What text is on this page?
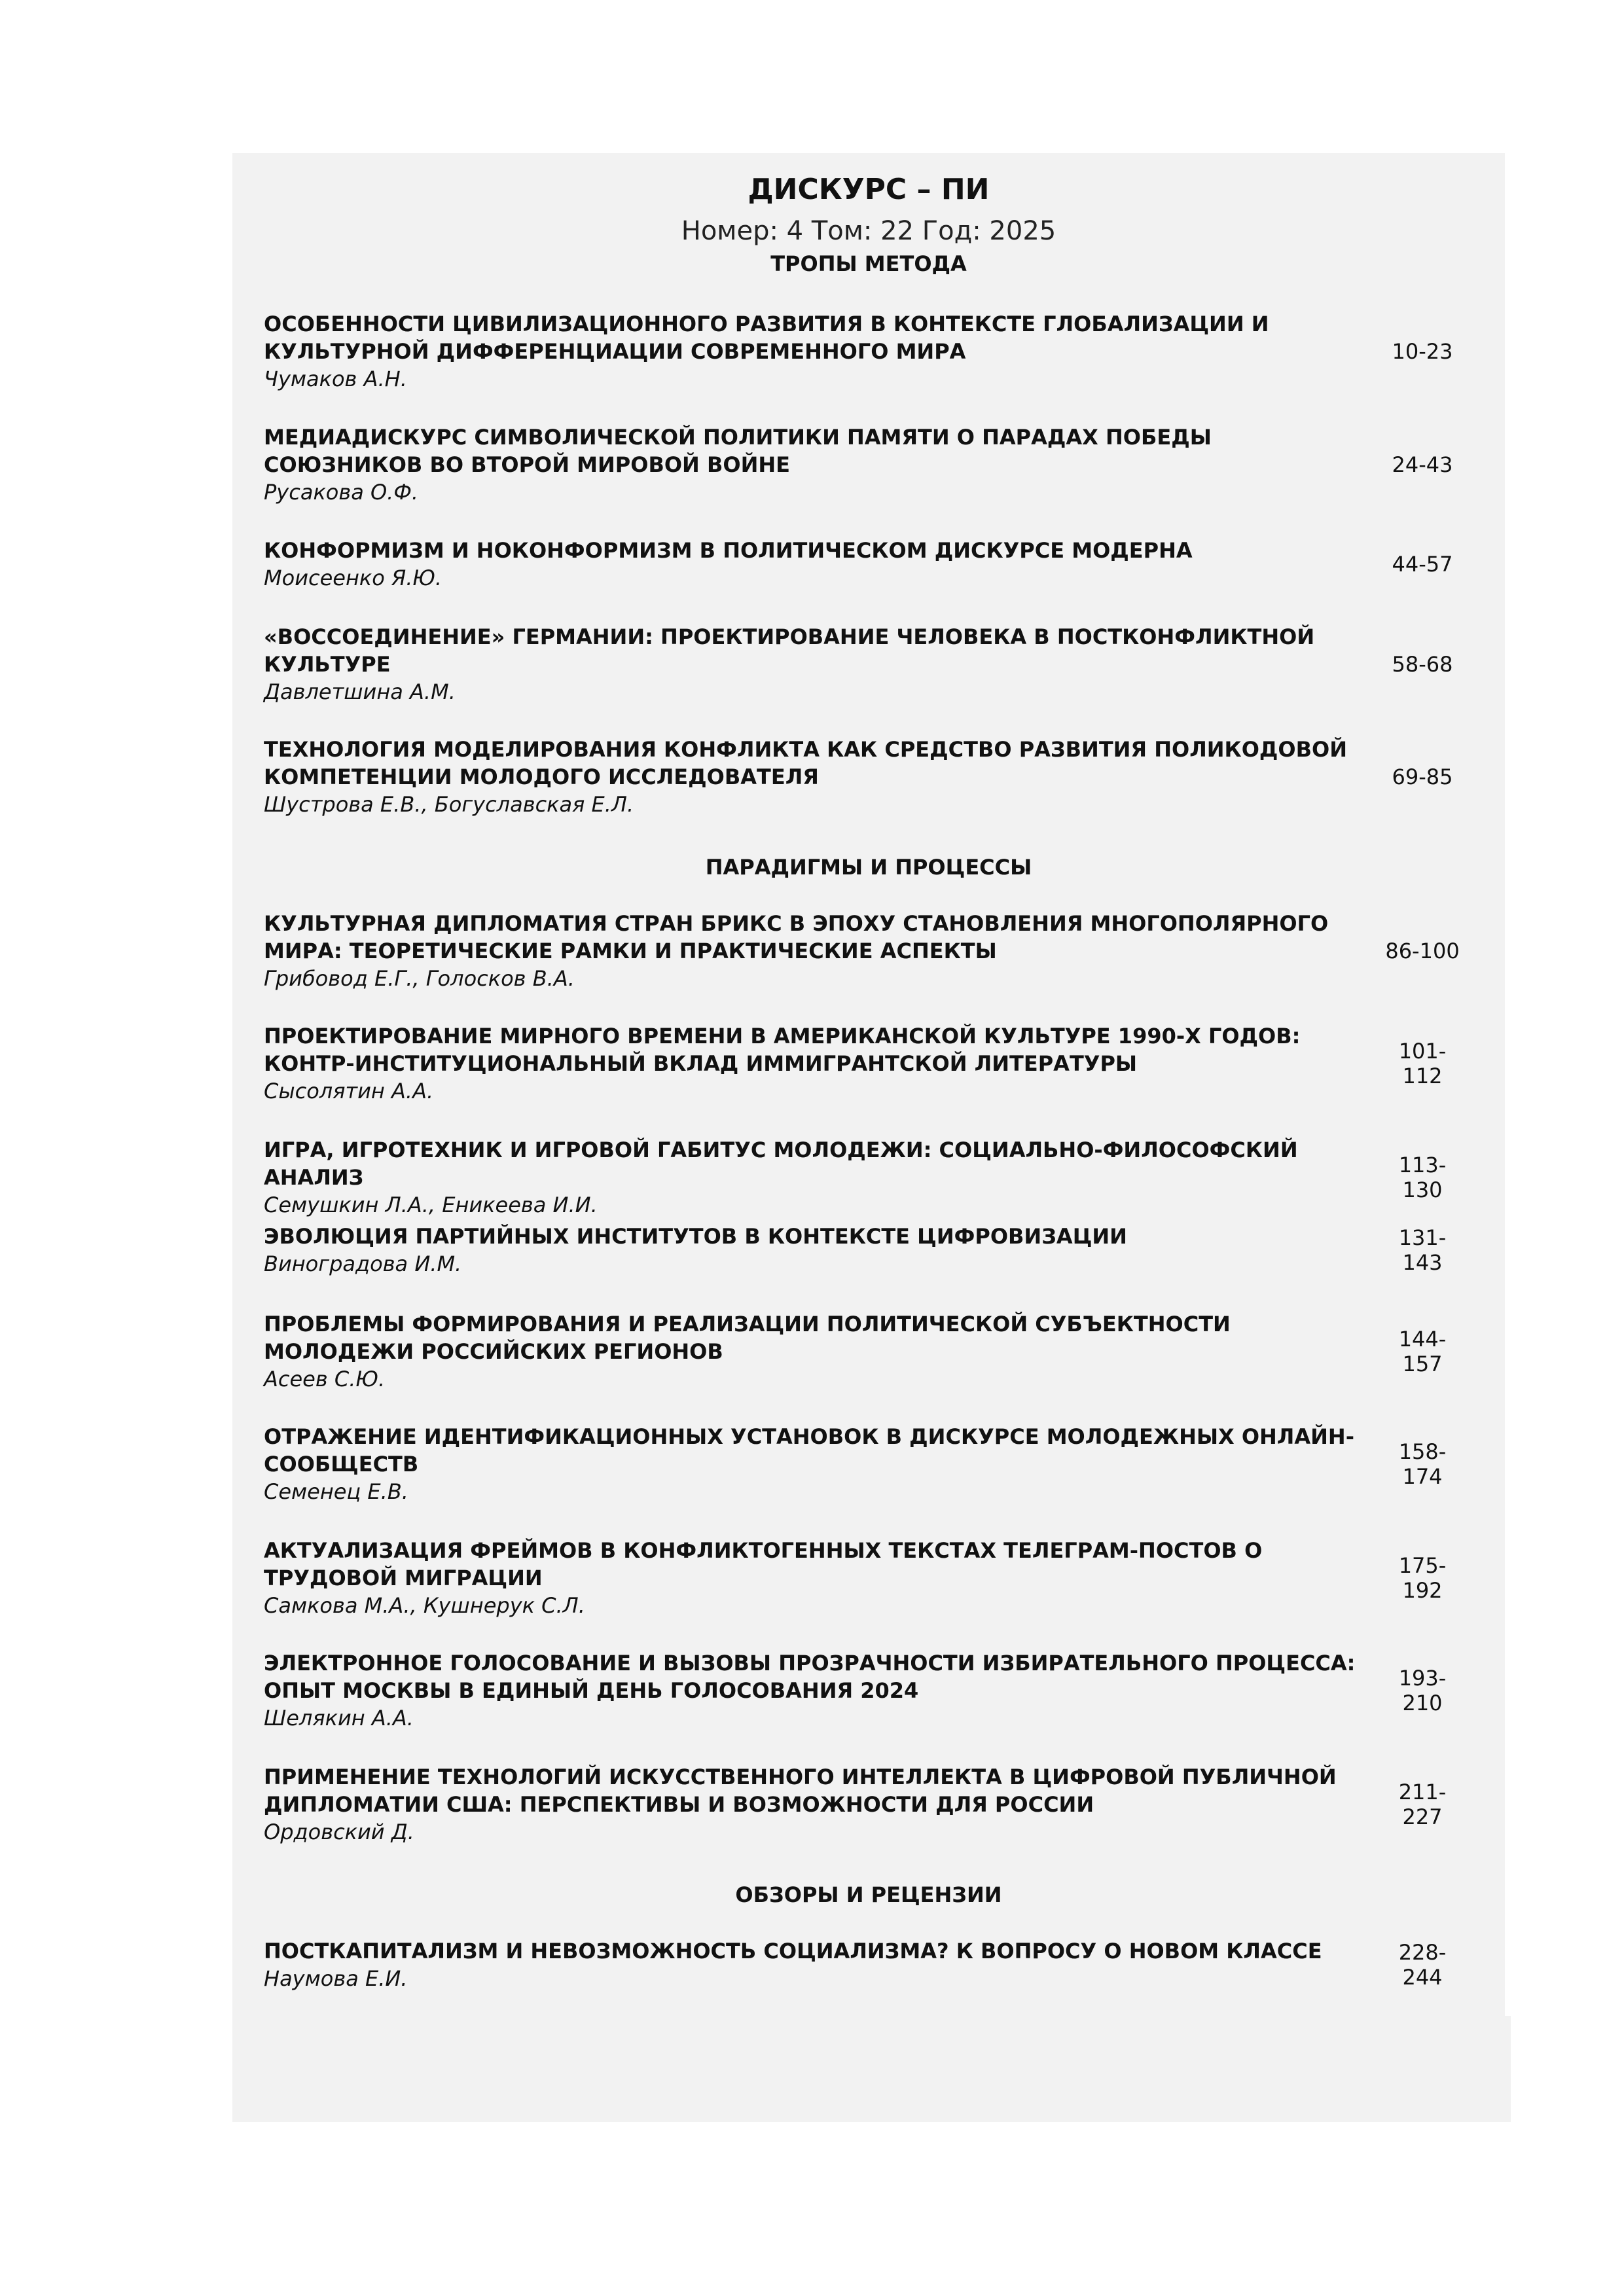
ДИСКУРС – ПИ
Номер: 4 Том: 22 Год: 2025
ТРОПЫ МЕТОДА
ОСОБЕННОСТИ ЦИВИЛИЗАЦИОННОГО РАЗВИТИЯ В КОНТЕКСТЕ ГЛОБАЛИЗАЦИИ И КУЛЬТУРНОЙ ДИФФЕРЕНЦИАЦИИ СОВРЕМЕННОГО МИРА
Чумаков А.Н.
10-23
МЕДИАДИСКУРС СИМВОЛИЧЕСКОЙ ПОЛИТИКИ ПАМЯТИ О ПАРАДАХ ПОБЕДЫ СОЮЗНИКОВ ВО ВТОРОЙ МИРОВОЙ ВОЙНЕ
Русакова О.Ф.
24-43
КОНФОРМИЗМ И НОКОНФОРМИЗМ В ПОЛИТИЧЕСКОМ ДИСКУРСЕ МОДЕРНА
Моисеенко Я.Ю.
44-57
«ВОССОЕДИНЕНИЕ» ГЕРМАНИИ: ПРОЕКТИРОВАНИЕ ЧЕЛОВЕКА В ПОСТКОНФЛИКТНОЙ КУЛЬТУРЕ
Давлетшина А.М.
58-68
ТЕХНОЛОГИЯ МОДЕЛИРОВАНИЯ КОНФЛИКТА КАК СРЕДСТВО РАЗВИТИЯ ПОЛИКОДОВОЙ КОМПЕТЕНЦИИ МОЛОДОГО ИССЛЕДОВАТЕЛЯ
Шустрова Е.В., Богуславская Е.Л.
69-85
ПАРАДИГМЫ И ПРОЦЕССЫ
КУЛЬТУРНАЯ ДИПЛОМАТИЯ СТРАН БРИКС В ЭПОХУ СТАНОВЛЕНИЯ МНОГОПОЛЯРНОГО МИРА: ТЕОРЕТИЧЕСКИЕ РАМКИ И ПРАКТИЧЕСКИЕ АСПЕКТЫ
Грибовод Е.Г., Голосков В.А.
86-100
ПРОЕКТИРОВАНИЕ МИРНОГО ВРЕМЕНИ В АМЕРИКАНСКОЙ КУЛЬТУРЕ 1990-Х ГОДОВ: КОНТР-ИНСТИТУЦИОНАЛЬНЫЙ ВКЛАД ИММИГРАНТСКОЙ ЛИТЕРАТУРЫ
Сысолятин А.А.
101-112
ИГРА, ИГРОТЕХНИК И ИГРОВОЙ ГАБИТУС МОЛОДЕЖИ: СОЦИАЛЬНО-ФИЛОСОФСКИЙ АНАЛИЗ
Семушкин Л.А., Еникеева И.И.
113-130
ЭВОЛЮЦИЯ ПАРТИЙНЫХ ИНСТИТУТОВ В КОНТЕКСТЕ ЦИФРОВИЗАЦИИ
Виноградова И.М.
131-143
ПРОБЛЕМЫ ФОРМИРОВАНИЯ И РЕАЛИЗАЦИИ ПОЛИТИЧЕСКОЙ СУБЪЕКТНОСТИ МОЛОДЕЖИ РОССИЙСКИХ РЕГИОНОВ
Асеев С.Ю.
144-157
ОТРАЖЕНИЕ ИДЕНТИФИКАЦИОННЫХ УСТАНОВОК В ДИСКУРСЕ МОЛОДЕЖНЫХ ОНЛАЙН-СООБЩЕСТВ
Семенец Е.В.
158-174
АКТУАЛИЗАЦИЯ ФРЕЙМОВ В КОНФЛИКТОГЕННЫХ ТЕКСТАХ ТЕЛЕГРАМ-ПОСТОВ О ТРУДОВОЙ МИГРАЦИИ
Самкова М.А., Кушнерук С.Л.
175-192
ЭЛЕКТРОННОЕ ГОЛОСОВАНИЕ И ВЫЗОВЫ ПРОЗРАЧНОСТИ ИЗБИРАТЕЛЬНОГО ПРОЦЕССА: ОПЫТ МОСКВЫ В ЕДИНЫЙ ДЕНЬ ГОЛОСОВАНИЯ 2024
Шелякин А.А.
193-210
ПРИМЕНЕНИЕ ТЕХНОЛОГИЙ ИСКУССТВЕННОГО ИНТЕЛЛЕКТА В ЦИФРОВОЙ ПУБЛИЧНОЙ ДИПЛОМАТИИ США: ПЕРСПЕКТИВЫ И ВОЗМОЖНОСТИ ДЛЯ РОССИИ
Ордовский Д.
211-227
ОБЗОРЫ И РЕЦЕНЗИИ
ПОСТКАПИТАЛИЗМ И НЕВОЗМОЖНОСТЬ СОЦИАЛИЗМА? К ВОПРОСУ О НОВОМ КЛАССЕ
Наумова Е.И.
228-244
